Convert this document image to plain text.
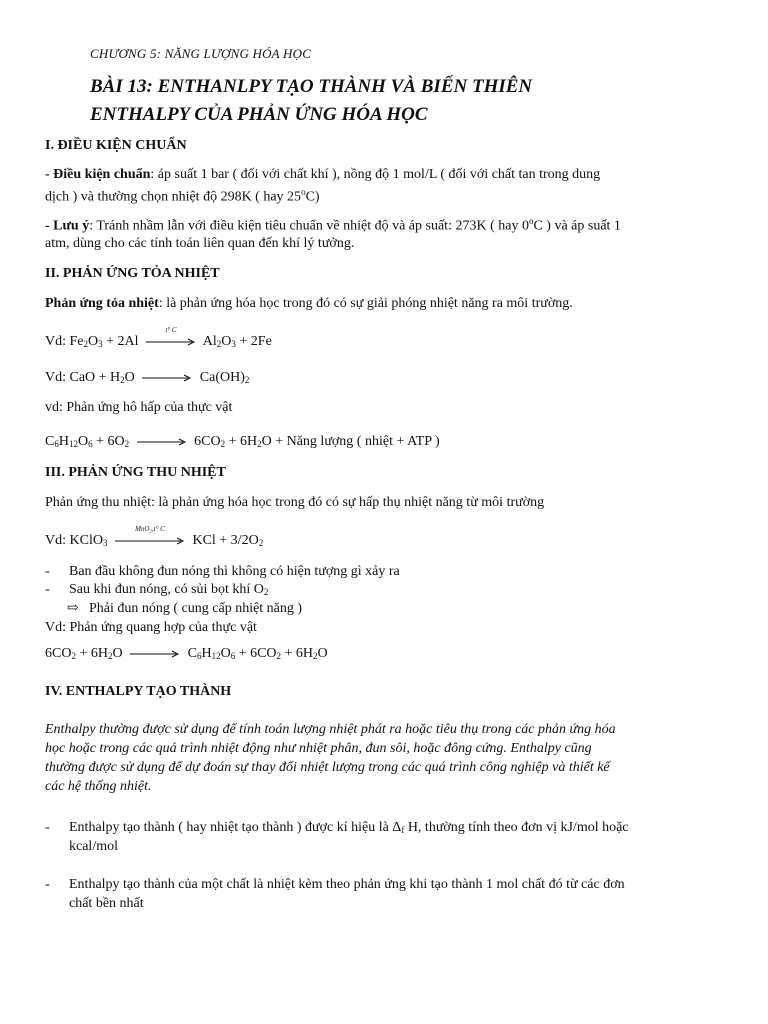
CHƯƠNG 5: NĂNG LƯỢNG HÓA HỌC
BÀI 13: ENTHANLPY TẠO THÀNH VÀ BIẾN THIÊN
ENTHALPY CỦA PHẢN ỨNG HÓA HỌC
I. ĐIỀU KIỆN CHUẨN
- Điều kiện chuẩn: áp suất 1 bar ( đối với chất khí ), nồng độ 1 mol/L ( đối với chất tan trong dung
dịch ) và thường chọn nhiệt độ 298K ( hay 25$^o$C)
- Lưu ý: Tránh nhầm lẫn với điều kiện tiêu chuẩn về nhiệt độ và áp suất: 273K ( hay 0$^o$C ) và áp suất 1
atm, dùng cho các tính toán liên quan đến khí lý tưởng.
II. PHẢN ỨNG TỎA NHIỆT
Phản ứng tỏa nhiệt: là phản ứng hóa học trong đó có sự giải phóng nhiệt năng ra môi trường.
Vd: $Fe_2O_3 + 2Al$
t° C
$Al_2O_3 + 2Fe$
Vd: CaO + $H_2O \to Ca(OH)_2$
vd: Phản ứng hô hấp của thực vật
$C_6H_{12}O_6 + 6O_2 \to 6CO_2 + 6H_2O$ + Năng lượng ( nhiệt + ATP )
III. PHẢN ỨNG THU NHIỆT
Phản ứng thu nhiệt: là phản ứng hóa học trong đó có sự hấp thụ nhiệt năng từ môi trường
Vd: KClO$_3$
MnO₂,t° C
KCl + $3/2O_2$
- Ban đầu không đun nóng thì không có hiện tượng gì xảy ra
- Sau khi đun nóng, có sủi bọt khí $O_2$
⇨ Phải đun nóng ( cung cấp nhiệt năng )
Vd: Phản ứng quang hợp của thực vật
$6CO_2 + 6H_2O \to C_6H_{12}O_6 + 6CO_2 + 6H_2O$
IV. ENTHALPY TẠO THÀNH
Enthalpy thường được sử dụng để tính toán lượng nhiệt phát ra hoặc tiêu thụ trong các phản ứng hóa
học hoặc trong các quá trình nhiệt động như nhiệt phân, đun sôi, hoặc đông cứng. Enthalpy cũng
thường được sử dụng để dự đoán sự thay đổi nhiệt lượng trong các quá trình công nghiệp và thiết kế
các hệ thống nhiệt.
- Enthalpy tạo thành ( hay nhiệt tạo thành ) được kí hiệu là $\Delta_f$ H, thường tính theo đơn vị kJ/mol hoặc
kcal/mol
- Enthalpy tạo thành của một chất là nhiệt kèm theo phản ứng khi tạo thành 1 mol chất đó từ các đơn
chất bền nhất
